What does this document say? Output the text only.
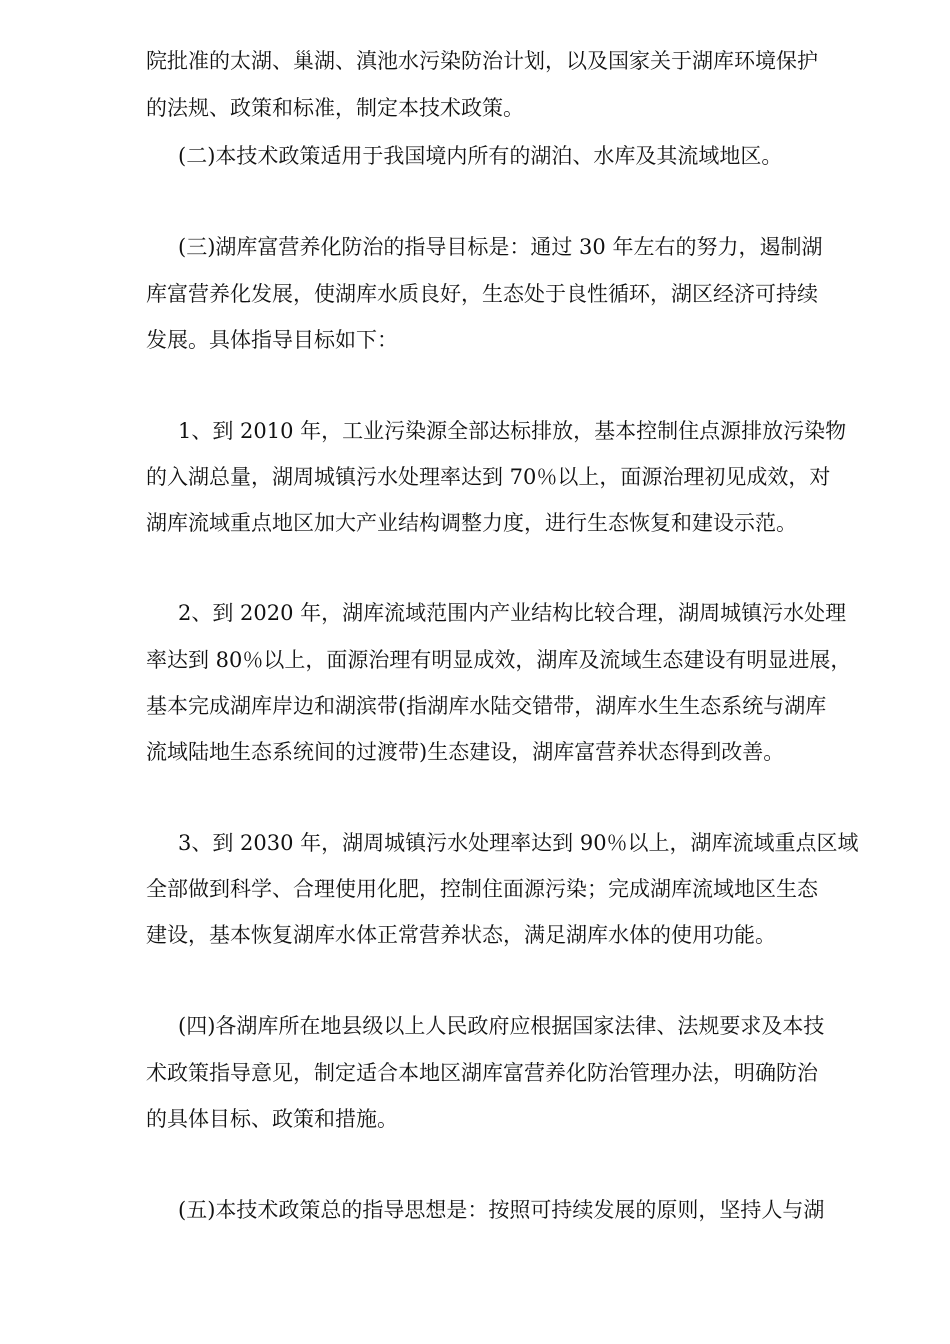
院批准的太湖、巢湖、滇池水污染防治计划，以及国家关于湖库环境保护
的法规、政策和标准，制定本技术政策。
(二)本技术政策适用于我国境内所有的湖泊、水库及其流域地区。
(三)湖库富营养化防治的指导目标是：通过 30 年左右的努力，遏制湖
库富营养化发展，使湖库水质良好，生态处于良性循环，湖区经济可持续
发展。具体指导目标如下：
1、到 2010 年，工业污染源全部达标排放，基本控制住点源排放污染物
的入湖总量，湖周城镇污水处理率达到 70％以上，面源治理初见成效，对
湖库流域重点地区加大产业结构调整力度，进行生态恢复和建设示范。
2、到 2020 年，湖库流域范围内产业结构比较合理，湖周城镇污水处理
率达到 80％以上，面源治理有明显成效，湖库及流域生态建设有明显进展，
基本完成湖库岸边和湖滨带(指湖库水陆交错带，湖库水生生态系统与湖库
流域陆地生态系统间的过渡带)生态建设，湖库富营养状态得到改善。
3、到 2030 年，湖周城镇污水处理率达到 90％以上，湖库流域重点区域
全部做到科学、合理使用化肥，控制住面源污染；完成湖库流域地区生态
建设，基本恢复湖库水体正常营养状态，满足湖库水体的使用功能。
(四)各湖库所在地县级以上人民政府应根据国家法律、法规要求及本技
术政策指导意见，制定适合本地区湖库富营养化防治管理办法，明确防治
的具体目标、政策和措施。
(五)本技术政策总的指导思想是：按照可持续发展的原则，坚持人与湖
